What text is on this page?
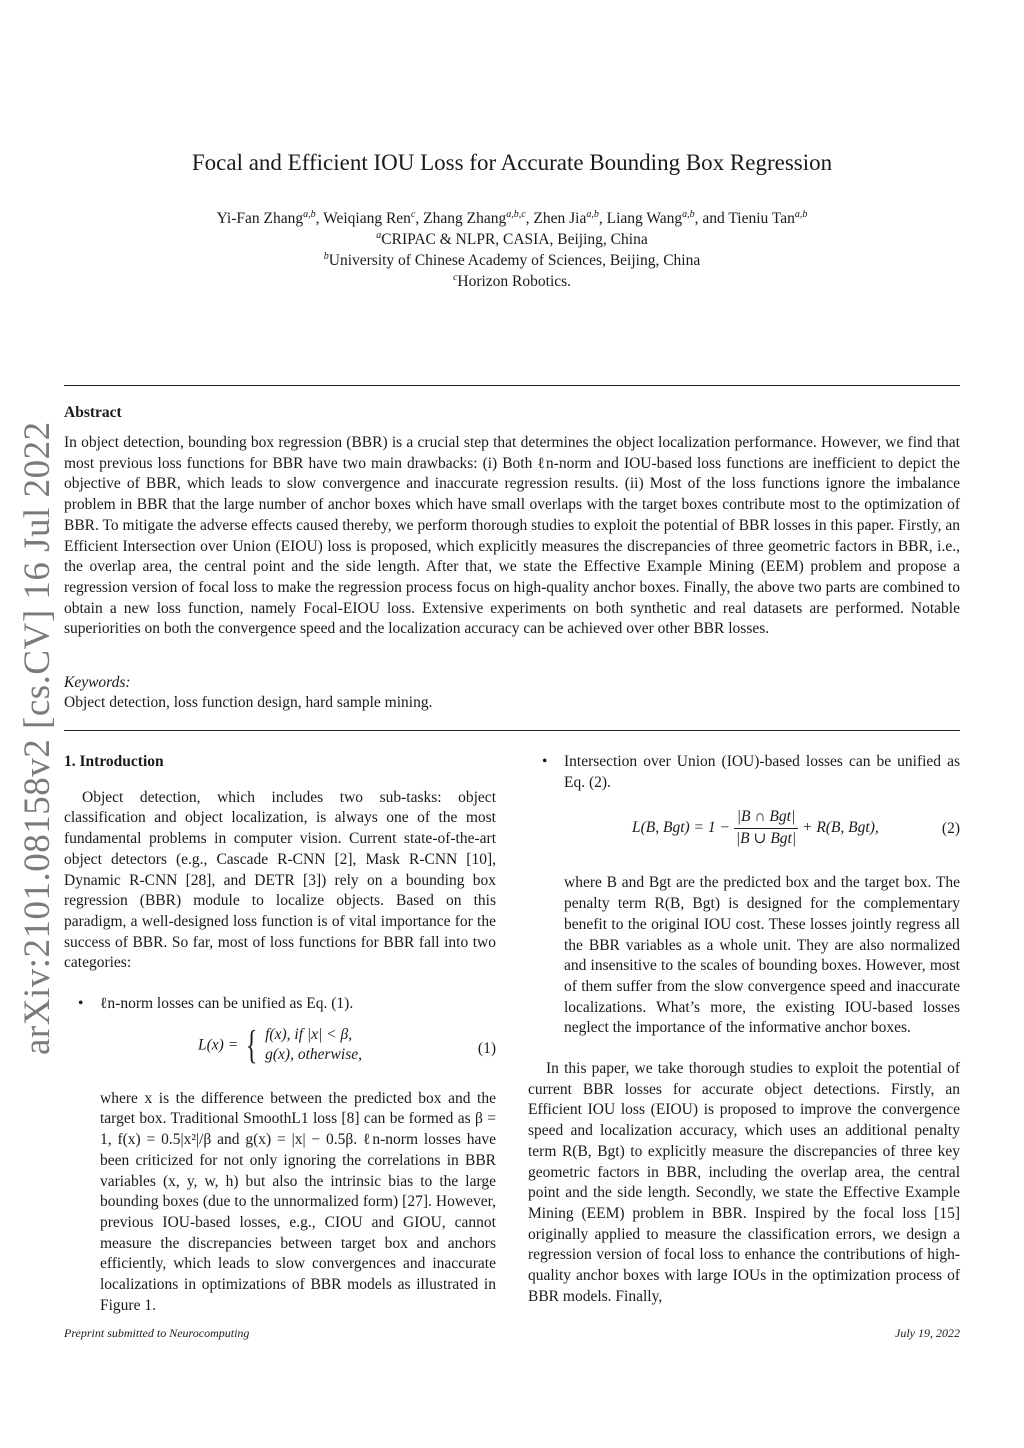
arXiv:2101.08158v2 [cs.CV] 16 Jul 2022
Focal and Efficient IOU Loss for Accurate Bounding Box Regression

Yi-Fan Zhang$^{a,b}$, Weiqiang Ren$^c$, Zhang Zhang$^{a,b,c}$, Zhen Jia$^{a,b}$, Liang Wang$^{a,b}$, and Tieniu Tan$^{a,b}$

$^a$CRIPAC & NLPR, CASIA, Beijing, China

$^b$University of Chinese Academy of Sciences, Beijing, China

$^c$Horizon Robotics.

Abstract
In object detection, bounding box regression (BBR) is a crucial step that determines the object localization performance. However, we find that most previous loss functions for BBR have two main drawbacks: (i) Both ℓn-norm and IOU-based loss functions are inefficient to depict the objective of BBR, which leads to slow convergence and inaccurate regression results. (ii) Most of the loss functions ignore the imbalance problem in BBR that the large number of anchor boxes which have small overlaps with the target boxes contribute most to the optimization of BBR. To mitigate the adverse effects caused thereby, we perform thorough studies to exploit the potential of BBR losses in this paper. Firstly, an Efficient Intersection over Union (EIOU) loss is proposed, which explicitly measures the discrepancies of three geometric factors in BBR, i.e., the overlap area, the central point and the side length. After that, we state the Effective Example Mining (EEM) problem and propose a regression version of focal loss to make the regression process focus on high-quality anchor boxes. Finally, the above two parts are combined to obtain a new loss function, namely Focal-EIOU loss. Extensive experiments on both synthetic and real datasets are performed. Notable superiorities on both the convergence speed and the localization accuracy can be achieved over other BBR losses.
Keywords:
Object detection, loss function design, hard sample mining.

1. Introduction

Object detection, which includes two sub-tasks: object classification and object localization, is always one of the most fundamental problems in computer vision. Current state-of-the-art object detectors (e.g., Cascade R-CNN [2], Mask R-CNN [10], Dynamic R-CNN [28], and DETR [3]) rely on a bounding box regression (BBR) module to localize objects. Based on this paradigm, a well-designed loss function is of vital importance for the success of BBR. So far, most of loss functions for BBR fall into two categories:

• ℓn-norm losses can be unified as Eq. (1).

L(x) = { f(x), if |x| < β,
g(x), otherwise,	(1)

where x is the difference between the predicted box and the target box. Traditional SmoothL1 loss [8] can be formed as β = 1, f(x) = 0.5|x²|/β and g(x) = |x| − 0.5β. ℓn-norm losses have been criticized for not only ignoring the correlations in BBR variables (x, y, w, h) but also the intrinsic bias to the large bounding boxes (due to the unnormalized form) [27]. However, previous IOU-based losses, e.g., CIOU and GIOU, cannot measure the discrepancies between target box and anchors efficiently, which leads to slow convergences and inaccurate localizations in optimizations of BBR models as illustrated in Figure 1.

• Intersection over Union (IOU)-based losses can be unified as Eq. (2).

L(B, $Bgt) = 1 - \frac{\text{|B ∩ Bgt|}}{\text{|B ∪ Bgt|}} + R(B$, Bgt),	(2)

where B and Bgt are the predicted box and the target box. The penalty term R(B, Bgt) is designed for the complementary benefit to the original IOU cost. These losses jointly regress all the BBR variables as a whole unit. They are also normalized and insensitive to the scales of bounding boxes. However, most of them suffer from the slow convergence speed and inaccurate localizations. What’s more, the existing IOU-based losses neglect the importance of the informative anchor boxes.

In this paper, we take thorough studies to exploit the potential of current BBR losses for accurate object detections. Firstly, an Efficient IOU loss (EIOU) is proposed to improve the convergence speed and localization accuracy, which uses an additional penalty term R(B, Bgt) to explicitly measure the discrepancies of three key geometric factors in BBR, including the overlap area, the central point and the side length. Secondly, we state the Effective Example Mining (EEM) problem in BBR. Inspired by the focal loss [15] originally applied to measure the classification errors, we design a regression version of focal loss to enhance the contributions of high-quality anchor boxes with large IOUs in the optimization process of BBR models. Finally,

Preprint submitted to Neurocomputing	July 19, 2022
